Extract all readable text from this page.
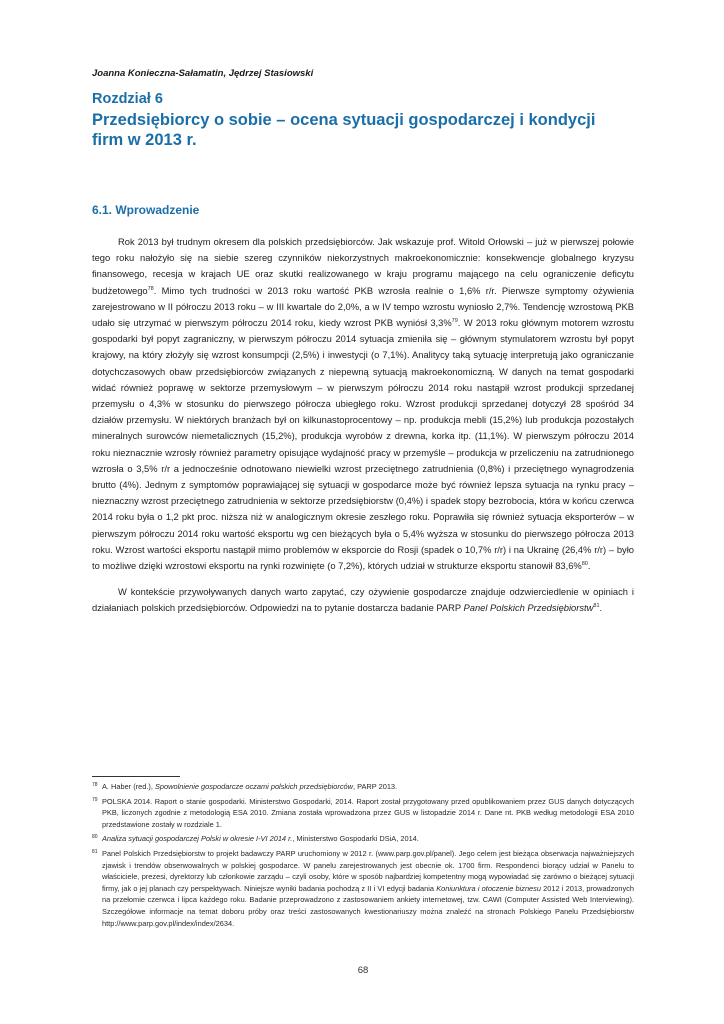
Joanna Konieczna-Sałamatin, Jędrzej Stasiowski
Rozdział 6
Przedsiębiorcy o sobie – ocena sytuacji gospodarczej i kondycji firm w 2013 r.
6.1. Wprowadzenie

Rok 2013 był trudnym okresem dla polskich przedsiębiorców. Jak wskazuje prof. Witold Orłowski – już w pierwszej połowie tego roku nałożyło się na siebie szereg czynników niekorzystnych makroekonomicznie: konsekwencje globalnego kryzysu finansowego, recesja w krajach UE oraz skutki realizowanego w kraju programu mającego na celu ograniczenie deficytu budżetowego$^{78}$. Mimo tych trudności w 2013 roku wartość PKB wzrosła realnie o 1,6% r/r. Pierwsze symptomy ożywienia zarejestrowano w II półroczu 2013 roku – w III kwartale do 2,0%, a w IV tempo wzrostu wyniosło 2,7%. Tendencję wzrostową PKB udało się utrzymać w pierwszym półroczu 2014 roku, kiedy wzrost PKB wyniósł 3,3%$^{79}$. W 2013 roku głównym motorem wzrostu gospodarki był popyt zagraniczny, w pierwszym półroczu 2014 sytuacja zmieniła się – głównym stymulatorem wzrostu był popyt krajowy, na który złożyły się wzrost konsumpcji (2,5%) i inwestycji (o 7,1%). Analitycy taką sytuację interpretują jako ograniczanie dotychczasowych obaw przedsiębiorców związanych z niepewną sytuacją makroekonomiczną. W danych na temat gospodarki widać również poprawę w sektorze przemysłowym – w pierwszym półroczu 2014 roku nastąpił wzrost produkcji sprzedanej przemysłu o 4,3% w stosunku do pierwszego półrocza ubiegłego roku. Wzrost produkcji sprzedanej dotyczył 28 spośród 34 działów przemysłu. W niektórych branżach był on kilkunastoprocentowy – np. produkcja mebli (15,2%) lub produkcja pozostałych mineralnych surowców niemetalicznych (15,2%), produkcja wyrobów z drewna, korka itp. (11,1%). W pierwszym półroczu 2014 roku nieznacznie wzrosły również parametry opisujące wydajność pracy w przemyśle – produkcja w przeliczeniu na zatrudnionego wzrosła o 3,5% r/r a jednocześnie odnotowano niewielki wzrost przeciętnego zatrudnienia (0,8%) i przeciętnego wynagrodzenia brutto (4%). Jednym z symptomów poprawiającej się sytuacji w gospodarce może być również lepsza sytuacja na rynku pracy – nieznaczny wzrost przeciętnego zatrudnienia w sektorze przedsiębiorstw (0,4%) i spadek stopy bezrobocia, która w końcu czerwca 2014 roku była o 1,2 pkt proc. niższa niż w analogicznym okresie zeszłego roku. Poprawiła się również sytuacja eksporterów – w pierwszym półroczu 2014 roku wartość eksportu wg cen bieżących była o 5,4% wyższa w stosunku do pierwszego półrocza 2013 roku. Wzrost wartości eksportu nastąpił mimo problemów w eksporcie do Rosji (spadek o 10,7% r/r) i na Ukrainę (26,4% r/r) – było to możliwe dzięki wzrostowi eksportu na rynki rozwinięte (o 7,2%), których udział w strukturze eksportu stanowił 83,6%$^{80}$.

W kontekście przywoływanych danych warto zapytać, czy ożywienie gospodarcze znajduje odzwierciedlenie w opiniach i działaniach polskich przedsiębiorców. Odpowiedzi na to pytanie dostarcza badanie PARP Panel Polskich Przedsiębiorstw$^{81}$.

78 A. Haber (red.), Spowolnienie gospodarcze oczami polskich przedsiębiorców, PARP 2013.
79 POLSKA 2014. Raport o stanie gospodarki. Ministerstwo Gospodarki, 2014. Raport został przygotowany przed opublikowaniem przez GUS danych dotyczących PKB, liczonych zgodnie z metodologią ESA 2010. Zmiana została wprowadzona przez GUS w listopadzie 2014 r. Dane nt. PKB według metodologii ESA 2010 przedstawione zostały w rozdziale 1.
80 Analiza sytuacji gospodarczej Polski w okresie I-VI 2014 r., Ministerstwo Gospodarki DSiA, 2014.
81 Panel Polskich Przedsiębiorstw to projekt badawczy PARP uruchomiony w 2012 r. (www.parp.gov.pl/panel). Jego celem jest bieżąca obserwacja najważniejszych zjawisk i trendów obserwowalnych w polskiej gospodarce. W panelu zarejestrowanych jest obecnie ok. 1700 firm. Respondenci biorący udział w Panelu to właściciele, prezesi, dyrektorzy lub członkowie zarządu – czyli osoby, które w sposób najbardziej kompetentny mogą wypowiadać się zarówno o bieżącej sytuacji firmy, jak o jej planach czy perspektywach. Niniejsze wyniki badania pochodzą z II i VI edycji badania Koniunktura i otoczenie biznesu 2012 i 2013, prowadzonych na przełomie czerwca i lipca każdego roku. Badanie przeprowadzono z zastosowaniem ankiety internetowej, tzw. CAWI (Computer Assisted Web Interviewing). Szczegółowe informacje na temat doboru próby oraz treści zastosowanych kwestionariuszy można znaleźć na stronach Polskiego Panelu Przedsiębiorstw http://www.parp.gov.pl/index/index/2634.
68
